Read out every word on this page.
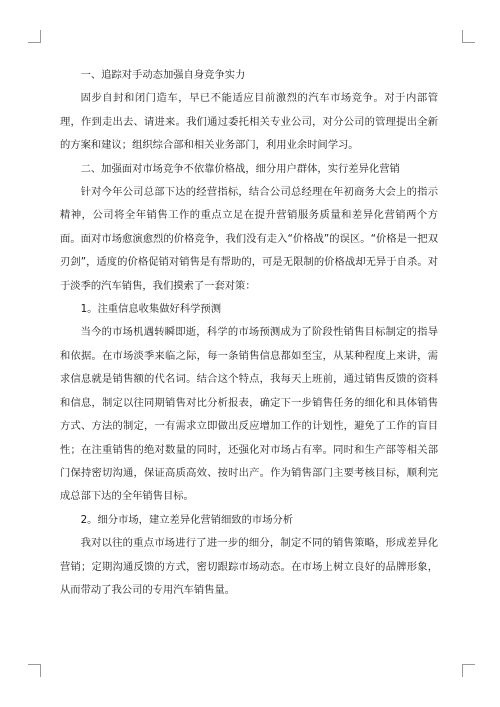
一、追踪对手动态加强自身竞争实力

固步自封和闭门造车，早已不能适应目前激烈的汽车市场竞争。对于内部管理，作到走出去、请进来。我们通过委托相关专业公司，对分公司的管理提出全新的方案和建议；组织综合部和相关业务部门，利用业余时间学习。

二、加强面对市场竞争不依靠价格战，细分用户群体，实行差异化营销

针对今年公司总部下达的经营指标，结合公司总经理在年初商务大会上的指示精神，公司将全年销售工作的重点立足在提升营销服务质量和差异化营销两个方面。面对市场愈演愈烈的价格竞争，我们没有走入“价格战”的误区。“价格是一把双刃剑”，适度的价格促销对销售是有帮助的，可是无限制的价格战却无异于自杀。对于淡季的汽车销售，我们摸索了一套对策：

1。注重信息收集做好科学预测

当今的市场机遇转瞬即逝，科学的市场预测成为了阶段性销售目标制定的指导和依据。在市场淡季来临之际，每一条销售信息都如至宝，从某种程度上来讲，需求信息就是销售额的代名词。结合这个特点，我每天上班前，通过销售反馈的资料和信息，制定以往同期销售对比分析报表，确定下一步销售任务的细化和具体销售方式、方法的制定，一有需求立即做出反应增加工作的计划性，避免了工作的盲目性；在注重销售的绝对数量的同时，还强化对市场占有率。同时和生产部等相关部门保持密切沟通，保证高质高效、按时出产。作为销售部门主要考核目标，顺利完成总部下达的全年销售目标。

2。细分市场，建立差异化营销细致的市场分析

我对以往的重点市场进行了进一步的细分，制定不同的销售策略，形成差异化营销；定期沟通反馈的方式，密切跟踪市场动态。在市场上树立良好的品牌形象，从而带动了我公司的专用汽车销售量。
